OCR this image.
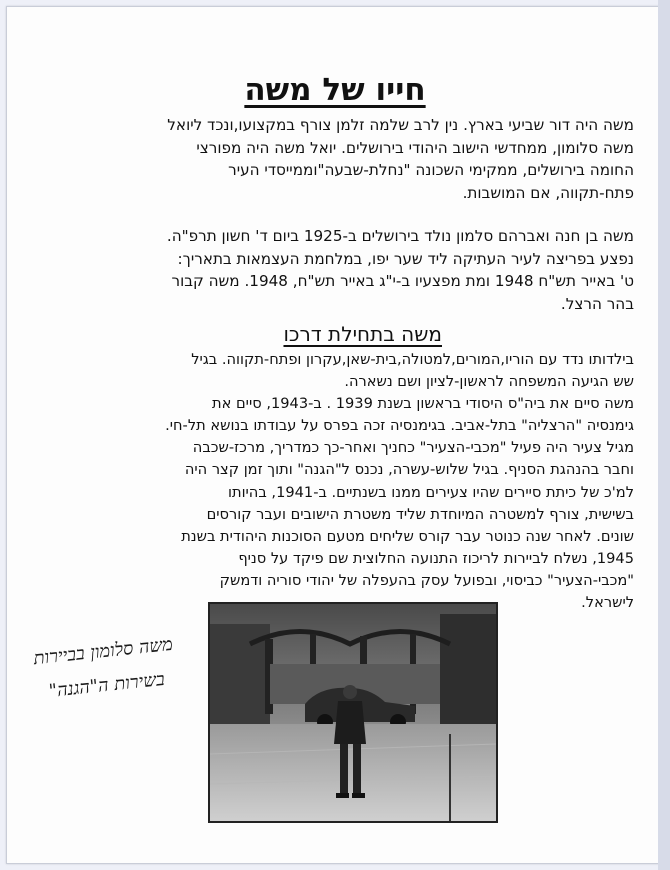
חייו של משה
משה היה דור שביעי בארץ. נין לרב שלמה זלמן צורף במקצועו,ונכד ליואל
משה סלומון, ממחדשי הישוב היהודי בירושלים. יואל משה היה מפורצי
החומה בירושלים, ממקימי השכונה "נחלת-שבעה"וממייסדי העיר
פתח-תקווה, אם המושבות.
משה בן חנה ואברהם סלמון נולד בירושלים ב-1925 ביום ד' חשון תרפ"ה.
נפצע בפריצה לעיר העתיקה ליד שער יפו, במלחמת העצמאות בתאריך:
ט' באייר תש"ח 1948 ומת מפצעיו ב-י"ג באייר תש"ח, 1948. משה קבור
בהר הרצל.
משה בתחילת דרכו
בילדותו נדד עם הוריו,המורים,למטולה,בית-שאן,עקרון ופתח-תקווה. בגיל
שש הגיעה המשפחה לראשון-לציון ושם נשארה.
משה סיים את ביה"ס היסודי בראשון בשנת 1939 . ב-1943, סיים את
גימנסיה "הרצליה" בתל-אביב. בגימנסיה זכה בפרס על עבודתו בנושא תל-חי.
מגיל צעיר היה פעיל "מכבי-הצעיר" כחניך ואחר-כך כמדריך, מרכז-שכבה
וחבר בהנהגת הסניף. בגיל שלוש-עשרה, נכנס ל"הגנה" ותוך זמן קצר היה
למ'כ של כיתת סיירים שהיו צעירים ממנו בשנתיים. ב-1941, בהיותו
בשישית, צורף למשטרה המיוחדת שליד משטרת הישובים ועבר קורסים
שונים. לאחר שנה כנוטר עבר קורס שליחים מטעם הסוכנות היהודית בשנת
1945, נשלח לביירות לריכוז התנועה החלוצית שם פיקד על סניף
"מכבי-הצעיר" כביסוי, ובפועל עסק בהעפלה של יהודי סוריה ודמשק
לישראל.
משה סלומון בביירות
בשירות ה"הגנה"
